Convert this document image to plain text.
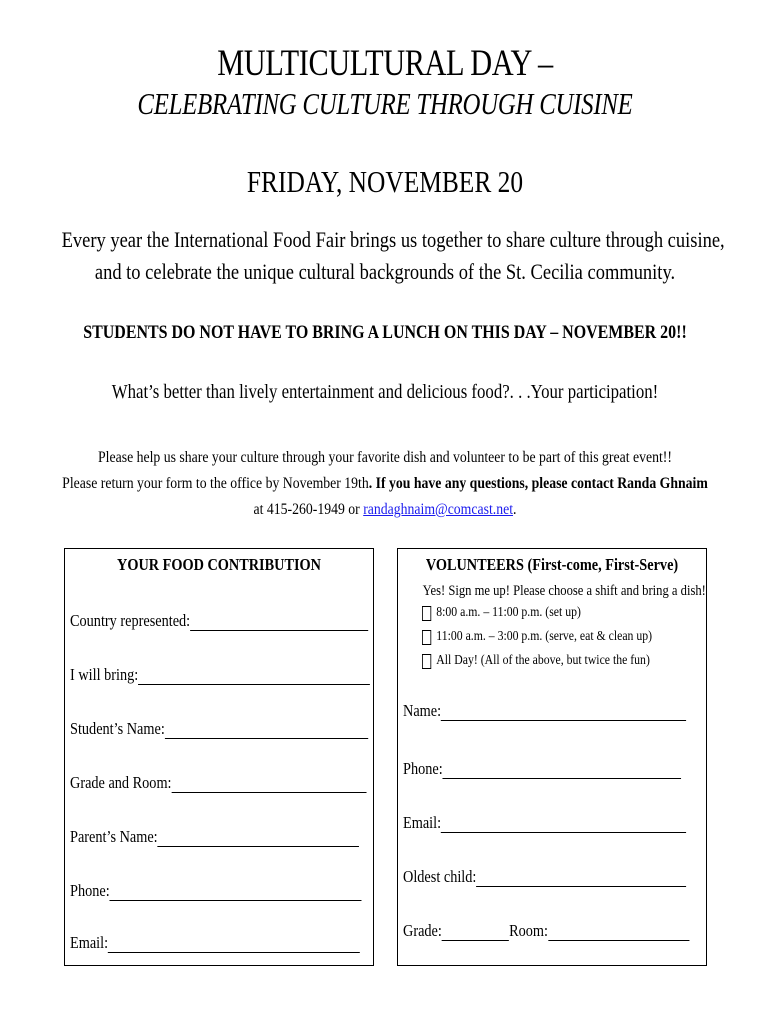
MULTICULTURAL DAY –
CELEBRATING CULTURE THROUGH CUISINE
FRIDAY, NOVEMBER 20
Every year the International Food Fair brings us together to share culture through cuisine,
and to celebrate the unique cultural backgrounds of the St. Cecilia community.
STUDENTS DO NOT HAVE TO BRING A LUNCH ON THIS DAY – NOVEMBER 20!!
What’s better than lively entertainment and delicious food?. . .Your participation!
Please help us share your culture through your favorite dish and volunteer to be part of this great event!!
Please return your form to the office by November 19th. If you have any questions, please contact Randa Ghnaim
at 415-260-1949 or randaghnaim@comcast.net.
YOUR FOOD CONTRIBUTION
Country represented:
I will bring:
Student’s Name:
Grade and Room:
Parent’s Name:
Phone:
Email:
VOLUNTEERS (First-come, First-Serve)
Yes! Sign me up! Please choose a shift and bring a dish!
8:00 a.m. – 11:00 p.m. (set up)
11:00 a.m. – 3:00 p.m. (serve, eat & clean up)
All Day! (All of the above, but twice the fun)
Name:
Phone:
Email:
Oldest child:
Grade:	Room:
